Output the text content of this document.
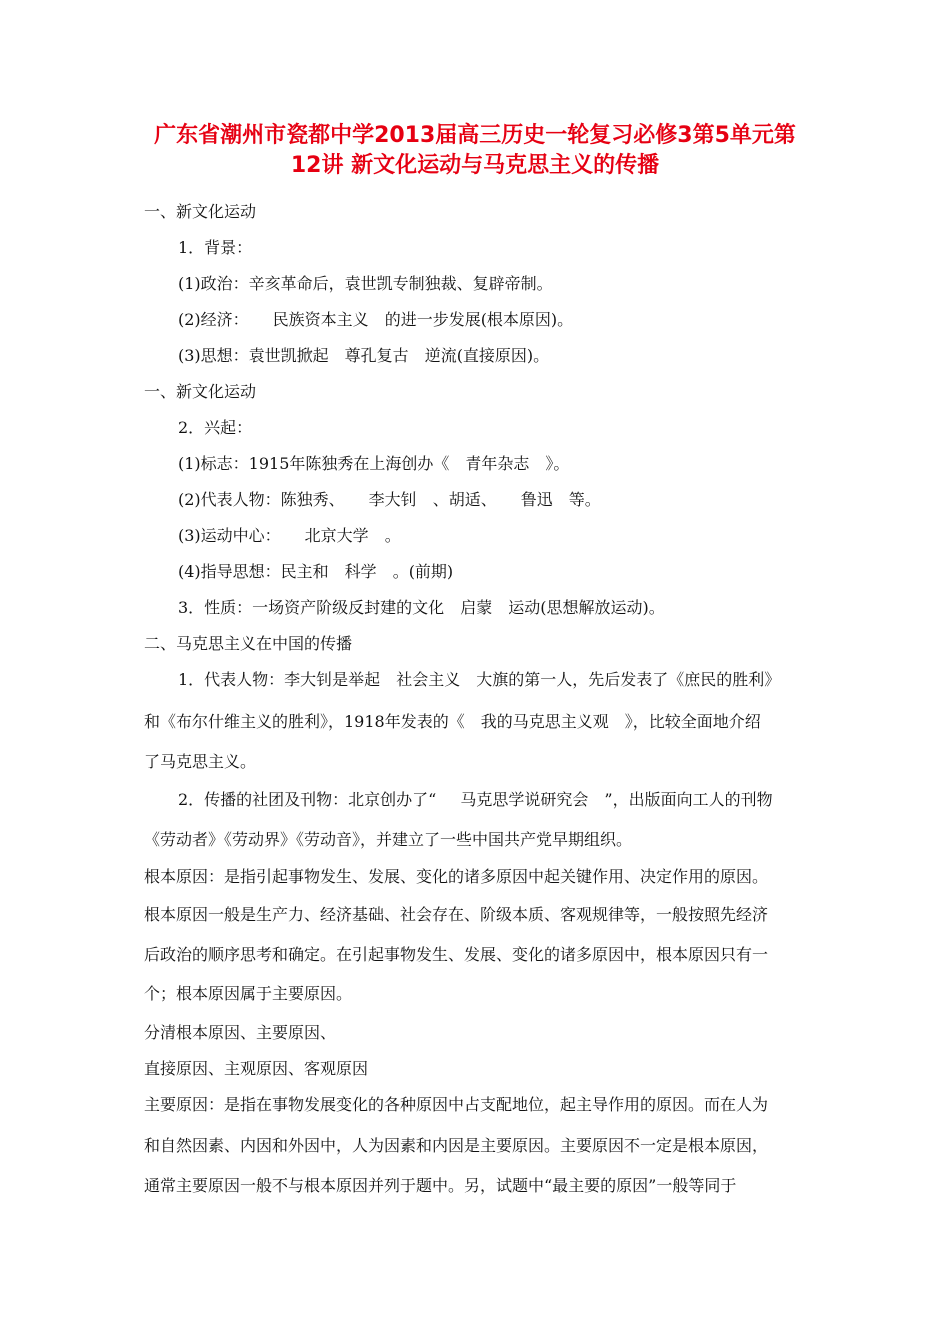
广东省潮州市瓷都中学2013届高三历史一轮复习必修3第5单元第
12讲 新文化运动与马克思主义的传播
一、新文化运动
1．背景：
(1)政治：辛亥革命后，袁世凯专制独裁、复辟帝制。
(2)经济： 民族资本主义 的进一步发展(根本原因)。
(3)思想：袁世凯掀起 尊孔复古 逆流(直接原因)。
一、新文化运动
2．兴起：
(1)标志：1915年陈独秀在上海创办《 青年杂志 》。
(2)代表人物：陈独秀、 李大钊 、胡适、 鲁迅 等。
(3)运动中心： 北京大学 。
(4)指导思想：民主和 科学 。(前期)
3．性质：一场资产阶级反封建的文化 启蒙 运动(思想解放运动)。
二、马克思主义在中国的传播
1．代表人物：李大钊是举起 社会主义 大旗的第一人，先后发表了《庶民的胜利》
和《布尔什维主义的胜利》，1918年发表的《 我的马克思主义观 》，比较全面地介绍
了马克思主义。
2．传播的社团及刊物：北京创办了“ 马克思学说研究会 ”，出版面向工人的刊物
《劳动者》《劳动界》《劳动音》，并建立了一些中国共产党早期组织。
根本原因：是指引起事物发生、发展、变化的诸多原因中起关键作用、决定作用的原因。
根本原因一般是生产力、经济基础、社会存在、阶级本质、客观规律等，一般按照先经济
后政治的顺序思考和确定。在引起事物发生、发展、变化的诸多原因中，根本原因只有一
个；根本原因属于主要原因。
分清根本原因、主要原因、
直接原因、主观原因、客观原因
主要原因：是指在事物发展变化的各种原因中占支配地位，起主导作用的原因。而在人为
和自然因素、内因和外因中，人为因素和内因是主要原因。主要原因不一定是根本原因，
通常主要原因一般不与根本原因并列于题中。另，试题中“最主要的原因”一般等同于
